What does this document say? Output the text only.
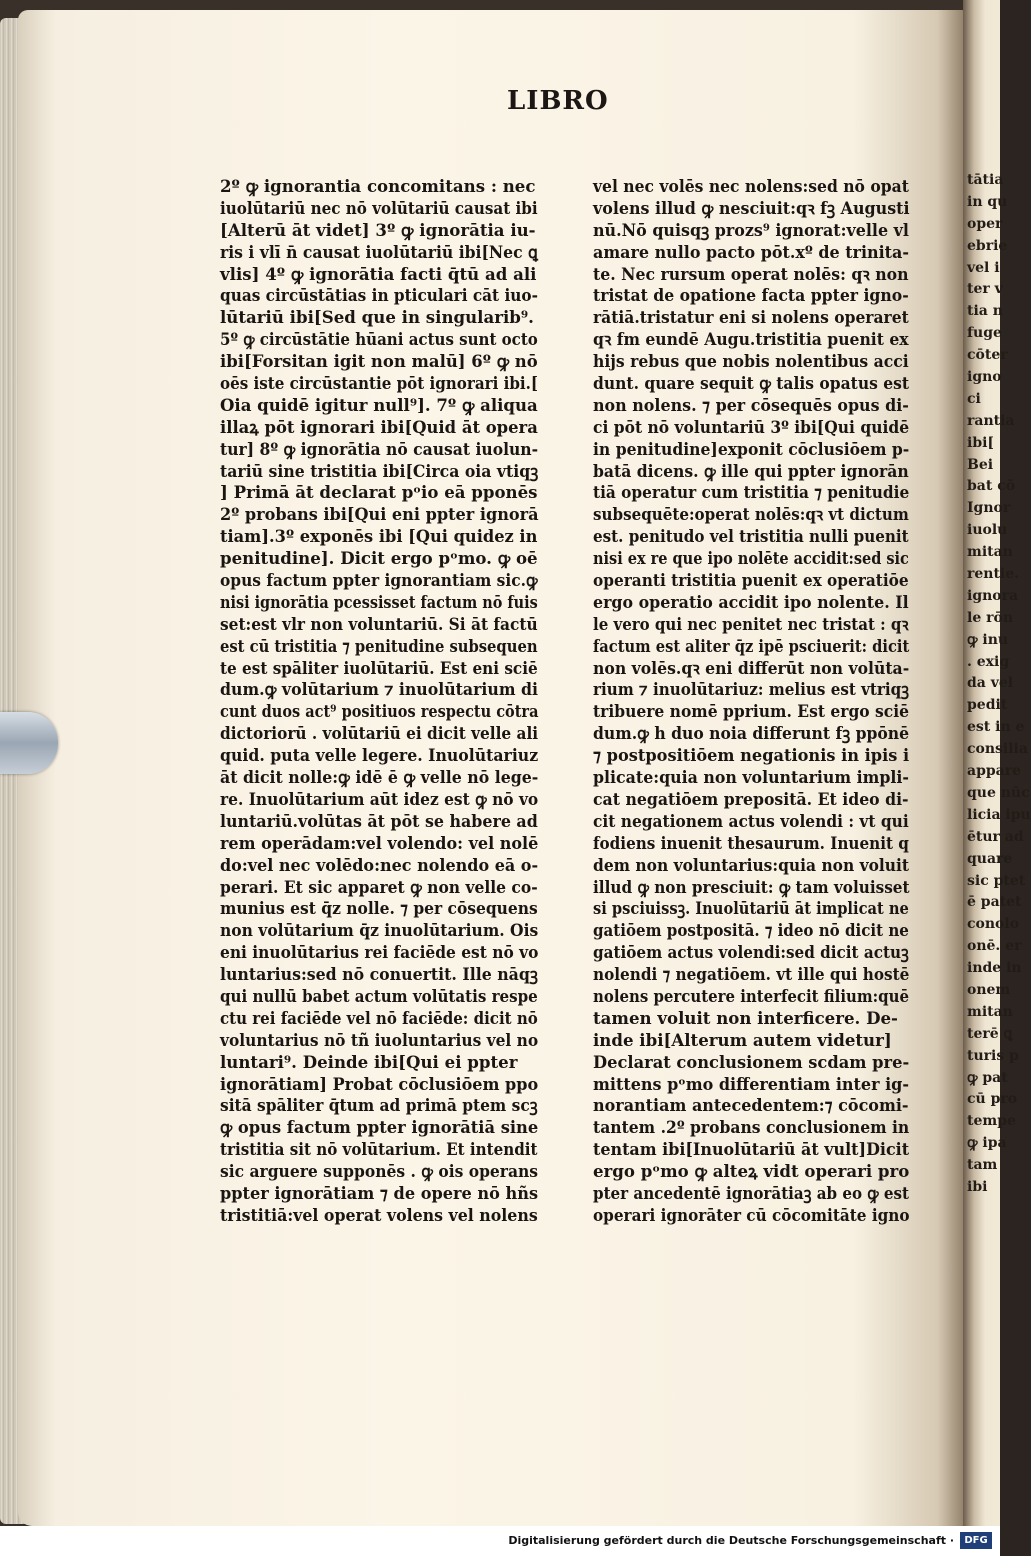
LIBRO
2º ꝙ ignorantia concomitans : nec
iuolūtariū nec nō volūtariū causat ibi
[Alterū āt videt] 3º ꝙ ignorātia iu-
ris i vlī n̄ causat iuolūtariū ibi[Nec ꝗ
vlis] 4º ꝙ ignorātia facti q̄tū ad ali
quas circūstātias in pticulari cāt iuo-
lūtariū ibi[Sed que in singularib⁹.
5º ꝙ circūstātie hūani actus sunt octo
ibi[Forsitan igit non malū] 6º ꝙ nō
oēs iste circūstantie pōt ignorari ibi.[
Oia quidē igitur null⁹]. 7º ꝙ aliqua
illaꝝ pōt ignorari ibi[Quid āt opera
tur] 8º ꝙ ignorātia nō causat iuolun-
tariū sine tristitia ibi[Circa oia vtiqꝫ
] Primā āt declarat pᵒio eā pponēs
2º probans ibi[Qui eni ppter ignorā
tiam].3º exponēs ibi [Qui quidez in
penitudine]. Dicit ergo pᵒmo. ꝙ oē
opus factum ppter ignorantiam sic.ꝙ
nisi ignorātia pcessisset factum nō fuis
set:est vlr non voluntariū. Si āt factū
est cū tristitia ⁊ penitudine subsequen
te est spāliter iuolūtariū. Est eni sciē
dum.ꝙ volūtarium ⁊ inuolūtarium di
cunt duos act⁹ positiuos respectu cōtra
dictoriorū . volūtariū ei dicit velle ali
quid. puta velle legere. Inuolūtariuz
āt dicit nolle:ꝙ idē ē ꝙ velle nō lege-
re. Inuolūtarium aūt idez est ꝙ nō vo
luntariū.volūtas āt pōt se habere ad
rem operādam:vel volendo: vel nolē
do:vel nec volēdo:nec nolendo eā o-
perari. Et sic apparet ꝙ non velle co-
munius est q̄z nolle. ⁊ per cōsequens
non volūtarium q̄z inuolūtarium. Ois
eni inuolūtarius rei faciēde est nō vo
luntarius:sed nō conuertit. Ille nāqꝫ
qui nullū babet actum volūtatis respe
ctu rei faciēde vel nō faciēde: dicit nō
voluntarius nō tñ iuoluntarius vel no
luntari⁹. Deinde ibi[Qui ei ppter
ignorātiam] Probat cōclusiōem ppo
sitā spāliter q̄tum ad primā ptem scꝫ
ꝙ opus factum ppter ignorātiā sine
tristitia sit nō volūtarium. Et intendit
sic arguere supponēs . ꝙ ois operans
ppter ignorātiam ⁊ de opere nō hñs
tristitiā:vel operat volens vel nolens
vel nec volēs nec nolens:sed nō opat
volens illud ꝙ nesciuit:qꝛ fꝫ Augusti
nū.Nō quisqꝫ prozs⁹ ignorat:velle vl
amare nullo pacto pōt.xº de trinita-
te. Nec rursum operat nolēs: qꝛ non
tristat de opatione facta ppter igno-
rātiā.tristatur eni si nolens operaret
qꝛ fm eundē Augu.tristitia puenit ex
hijs rebus que nobis nolentibus acci
dunt. quare sequit ꝙ talis opatus est
non nolens. ⁊ per cōsequēs opus di-
ci pōt nō voluntariū 3º ibi[Qui quidē
in penitudine]exponit cōclusiōem p-
batā dicens. ꝙ ille qui ppter ignorān
tiā operatur cum tristitia ⁊ penitudie
subsequēte:operat nolēs:qꝛ vt dictum
est. penitudo vel tristitia nulli puenit
nisi ex re que ipo nolēte accidit:sed sic
operanti tristitia puenit ex operatiōe
ergo operatio accidit ipo nolente. Il
le vero qui nec penitet nec tristat : qꝛ
factum est aliter q̄z ipē psciuerit: dicit
non volēs.qꝛ eni differūt non volūta-
rium ⁊ inuolūtariuz: melius est vtriqꝫ
tribuere nomē pprium. Est ergo sciē
dum.ꝙ h duo noia differunt fꝫ ppōnē
⁊ postpositiōem negationis in ipis i
plicate:quia non voluntarium impli-
cat negatiōem prepositā. Et ideo di-
cit negationem actus volendi : vt qui
fodiens inuenit thesaurum. Inuenit q
dem non voluntarius:quia non voluit
illud ꝙ non presciuit: ꝙ tam voluisset
si psciuissꝫ. Inuolūtariū āt implicat ne
gatiōem postpositā. ⁊ ideo nō dicit ne
gatiōem actus volendi:sed dicit actuꝫ
nolendi ⁊ negatiōem. vt ille qui hostē
nolens percutere interfecit filium:quē
tamen voluit non interficere. De-
inde ibi[Alterum autem videtur]
Declarat conclusionem scdam pre-
mittens pᵒmo differentiam inter ig-
norantiam antecedentem:⁊ cōcomi-
tantem .2º probans conclusionem in
tentam ibi[Inuolūtariū āt vult]Dicit
ergo pᵒmo ꝙ alteꝝ vidt operari pro
pter ancedentē ignorātiaꝫ ab eo ꝙ est
operari ignorāter cū cōcomitāte igno
tātia
in qu
oper
ebrie
vel i
ter v
tia n
fuge
cōter
igno
ci
rantia
ibi[
Bei
bat cō
Ignor
iuolu
mitan
rentie.
ignora
le rōn
ꝙ inu
. exig
da vel
pedit
est in e
consilia
appare
que nūc
licia ipu
ētur ad
quare
sic ptet
ē patet
conolo
onē. er
inde in
onem
mitan
terē ꝗ
turis p
ꝙ pat
cū pro
tempe
ꝙ ipa
tam
ibi
Digitalisierung gefördert durch die Deutsche Forschungsgemeinschaft ·	DFG
